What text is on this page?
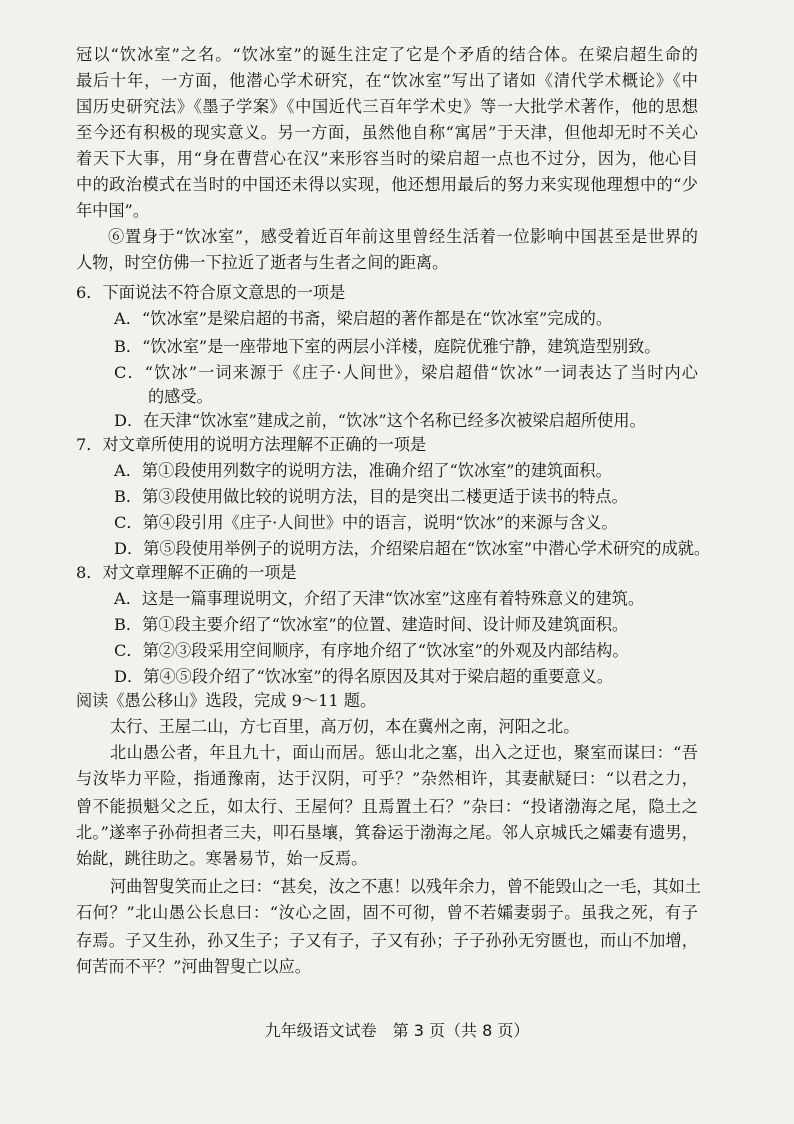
冠以“饮冰室”之名。“饮冰室”的诞生注定了它是个矛盾的结合体。在梁启超生命的
最后十年，一方面，他潜心学术研究，在“饮冰室”写出了诸如《清代学术概论》《中
国历史研究法》《墨子学案》《中国近代三百年学术史》等一大批学术著作，他的思想
至今还有积极的现实意义。另一方面，虽然他自称“寓居”于天津，但他却无时不关心
着天下大事，用“身在曹营心在汉”来形容当时的梁启超一点也不过分，因为，他心目
中的政治模式在当时的中国还未得以实现，他还想用最后的努力来实现他理想中的“少
年中国”。
⑥置身于“饮冰室”，感受着近百年前这里曾经生活着一位影响中国甚至是世界的
人物，时空仿佛一下拉近了逝者与生者之间的距离。
6．下面说法不符合原文意思的一项是
A．“饮冰室”是梁启超的书斋，梁启超的著作都是在“饮冰室”完成的。
B．“饮冰室”是一座带地下室的两层小洋楼，庭院优雅宁静，建筑造型别致。
C．“饮冰”一词来源于《庄子·人间世》，梁启超借“饮冰”一词表达了当时内心
的感受。
D．在天津“饮冰室”建成之前，“饮冰”这个名称已经多次被梁启超所使用。
7．对文章所使用的说明方法理解不正确的一项是
A．第①段使用列数字的说明方法，准确介绍了“饮冰室”的建筑面积。
B．第③段使用做比较的说明方法，目的是突出二楼更适于读书的特点。
C．第④段引用《庄子·人间世》中的语言，说明“饮冰”的来源与含义。
D．第⑤段使用举例子的说明方法，介绍梁启超在“饮冰室”中潜心学术研究的成就。
8．对文章理解不正确的一项是
A．这是一篇事理说明文，介绍了天津“饮冰室”这座有着特殊意义的建筑。
B．第①段主要介绍了“饮冰室”的位置、建造时间、设计师及建筑面积。
C．第②③段采用空间顺序，有序地介绍了“饮冰室”的外观及内部结构。
D．第④⑤段介绍了“饮冰室”的得名原因及其对于梁启超的重要意义。
阅读《愚公移山》选段，完成 9～11 题。
太行、王屋二山，方七百里，高万仞，本在冀州之南，河阳之北。
北山愚公者，年且九十，面山而居。惩山北之塞，出入之迂也，聚室而谋曰：“吾
与汝毕力平险，指通豫南，达于汉阴，可乎？”杂然相许，其妻献疑曰：“以君之力，
曾不能损魁父之丘，如太行、王屋何？且焉置土石？”杂曰：“投诸渤海之尾，隐土之
北。”遂率子孙荷担者三夫，叩石垦壤，箕畚运于渤海之尾。邻人京城氏之孀妻有遗男，
始龀，跳往助之。寒暑易节，始一反焉。
河曲智叟笑而止之曰：“甚矣，汝之不惠！以残年余力，曾不能毁山之一毛，其如土
石何？”北山愚公长息曰：“汝心之固，固不可彻，曾不若孀妻弱子。虽我之死，有子
存焉。子又生孙，孙又生子；子又有子，子又有孙；子子孙孙无穷匮也，而山不加增，
何苦而不平？”河曲智叟亡以应。
九年级语文试卷　第 3 页（共 8 页）
